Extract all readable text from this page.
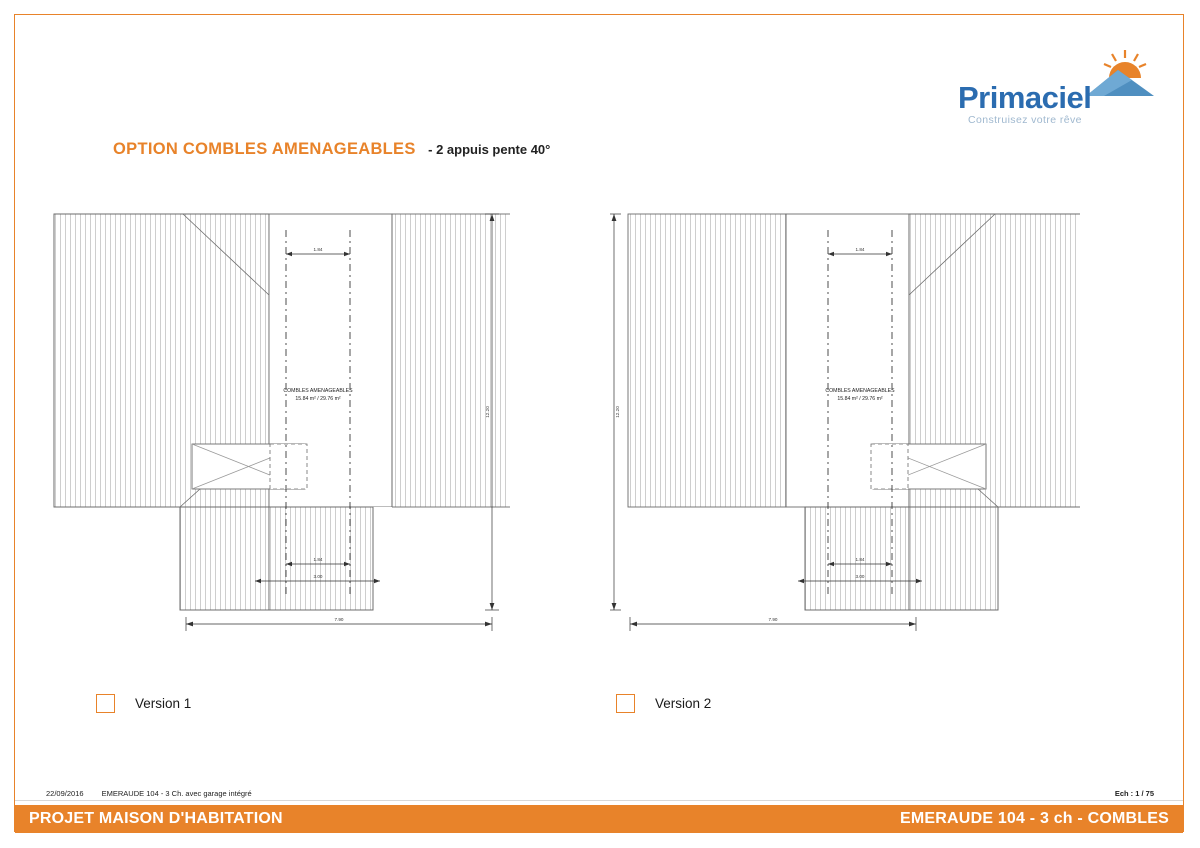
Primaciel
Construisez votre rêve
OPTION COMBLES AMENAGEABLES - 2 appuis pente 40°
1.84
COMBLES AMENAGEABLES
15.84 m² / 29.76 m²
1.84
3.00
7.90
12.20
1.84
COMBLES AMENAGEABLES
15.84 m² / 29.76 m²
1.84
3.00
7.90
12.20
Version 1	Version 2
22/09/2016 EMERAUDE 104 - 3 Ch. avec garage intégré	Ech : 1 / 75
PROJET MAISON D'HABITATION	EMERAUDE 104 - 3 ch - COMBLES
